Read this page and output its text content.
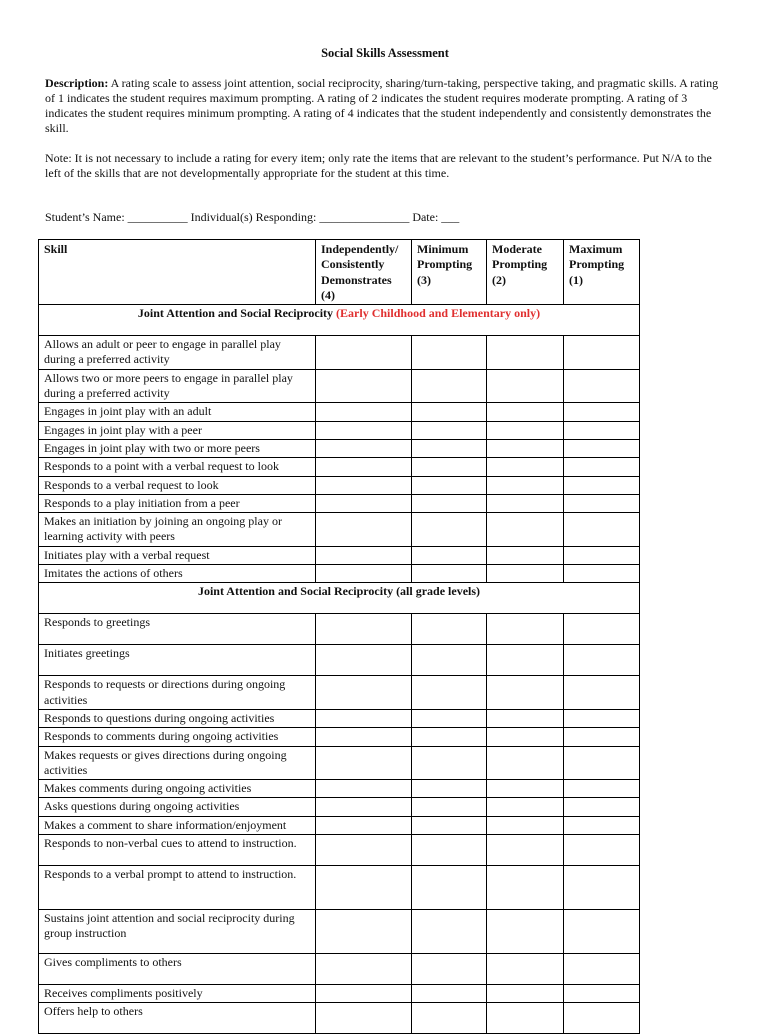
Social Skills Assessment

Description: A rating scale to assess joint attention, social reciprocity, sharing/turn-taking, perspective taking, and pragmatic skills. A rating of 1 indicates the student requires maximum prompting. A rating of 2 indicates the student requires moderate prompting. A rating of 3 indicates the student requires minimum prompting. A rating of 4 indicates that the student independently and consistently demonstrates the skill.

Note: It is not necessary to include a rating for every item; only rate the items that are relevant to the student’s performance. Put N/A to the left of the skills that are not developmentally appropriate for the student at this time.

Student’s Name: __________ Individual(s) Responding: _______________ Date: ___
Skill	Independently/ Consistently Demonstrates (4)	Minimum Prompting (3)	Moderate Prompting (2)	Maximum Prompting (1)
Joint Attention and Social Reciprocity (Early Childhood and Elementary only)				
Allows an adult or peer to engage in parallel play during a preferred activity				
Allows two or more peers to engage in parallel play during a preferred activity				
Engages in joint play with an adult				
Engages in joint play with a peer				
Engages in joint play with two or more peers				
Responds to a point with a verbal request to look				
Responds to a verbal request to look				
Responds to a play initiation from a peer				
Makes an initiation by joining an ongoing play or learning activity with peers				
Initiates play with a verbal request				
Imitates the actions of others				
Joint Attention and Social Reciprocity (all grade levels)				
Responds to greetings				
Initiates greetings				
Responds to requests or directions during ongoing activities				
Responds to questions during ongoing activities				
Responds to comments during ongoing activities				
Makes requests or gives directions during ongoing activities				
Makes comments during ongoing activities				
Asks questions during ongoing activities				
Makes a comment to share information/enjoyment				
Responds to non-verbal cues to attend to instruction.				
Responds to a verbal prompt to attend to instruction.				
Sustains joint attention and social reciprocity during group instruction				
Gives compliments to others				
Receives compliments positively				
Offers help to others				
